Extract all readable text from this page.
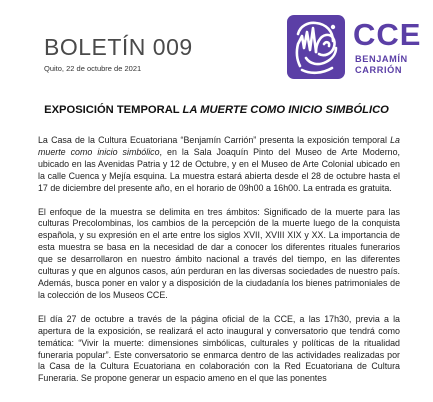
BOLETÍN 009
Quito, 22 de octubre de 2021
CCE
BENJAMÍN
CARRIÓN
EXPOSICIÓN TEMPORAL LA MUERTE COMO INICIO SIMBÓLICO

La Casa de la Cultura Ecuatoriana “Benjamín Carrión” presenta la exposición temporal La muerte como inicio simbólico, en la Sala Joaquín Pinto del Museo de Arte Moderno, ubicado en las Avenidas Patria y 12 de Octubre, y en el Museo de Arte Colonial ubicado en la calle Cuenca y Mejía esquina. La muestra estará abierta desde el 28 de octubre hasta el 17 de diciembre del presente año, en el horario de 09h00 a 16h00. La entrada es gratuita.

El enfoque de la muestra se delimita en tres ámbitos: Significado de la muerte para las culturas Precolombinas, los cambios de la percepción de la muerte luego de la conquista española, y su expresión en el arte entre los siglos XVII, XVIII XIX y XX. La importancia de esta muestra se basa en la necesidad de dar a conocer los diferentes rituales funerarios que se desarrollaron en nuestro ámbito nacional a través del tiempo, en las diferentes culturas y que en algunos casos, aún perduran en las diversas sociedades de nuestro país. Además, busca poner en valor y a disposición de la ciudadanía los bienes patrimoniales de la colección de los Museos CCE.

El día 27 de octubre a través de la página oficial de la CCE, a las 17h30, previa a la apertura de la exposición, se realizará el acto inaugural y conversatorio que tendrá como temática: “Vivir la muerte: dimensiones simbólicas, culturales y políticas de la ritualidad funeraria popular”. Este conversatorio se enmarca dentro de las actividades realizadas por la Casa de la Cultura Ecuatoriana en colaboración con la Red Ecuatoriana de Cultura Funeraria. Se propone generar un espacio ameno en el que las ponentes
